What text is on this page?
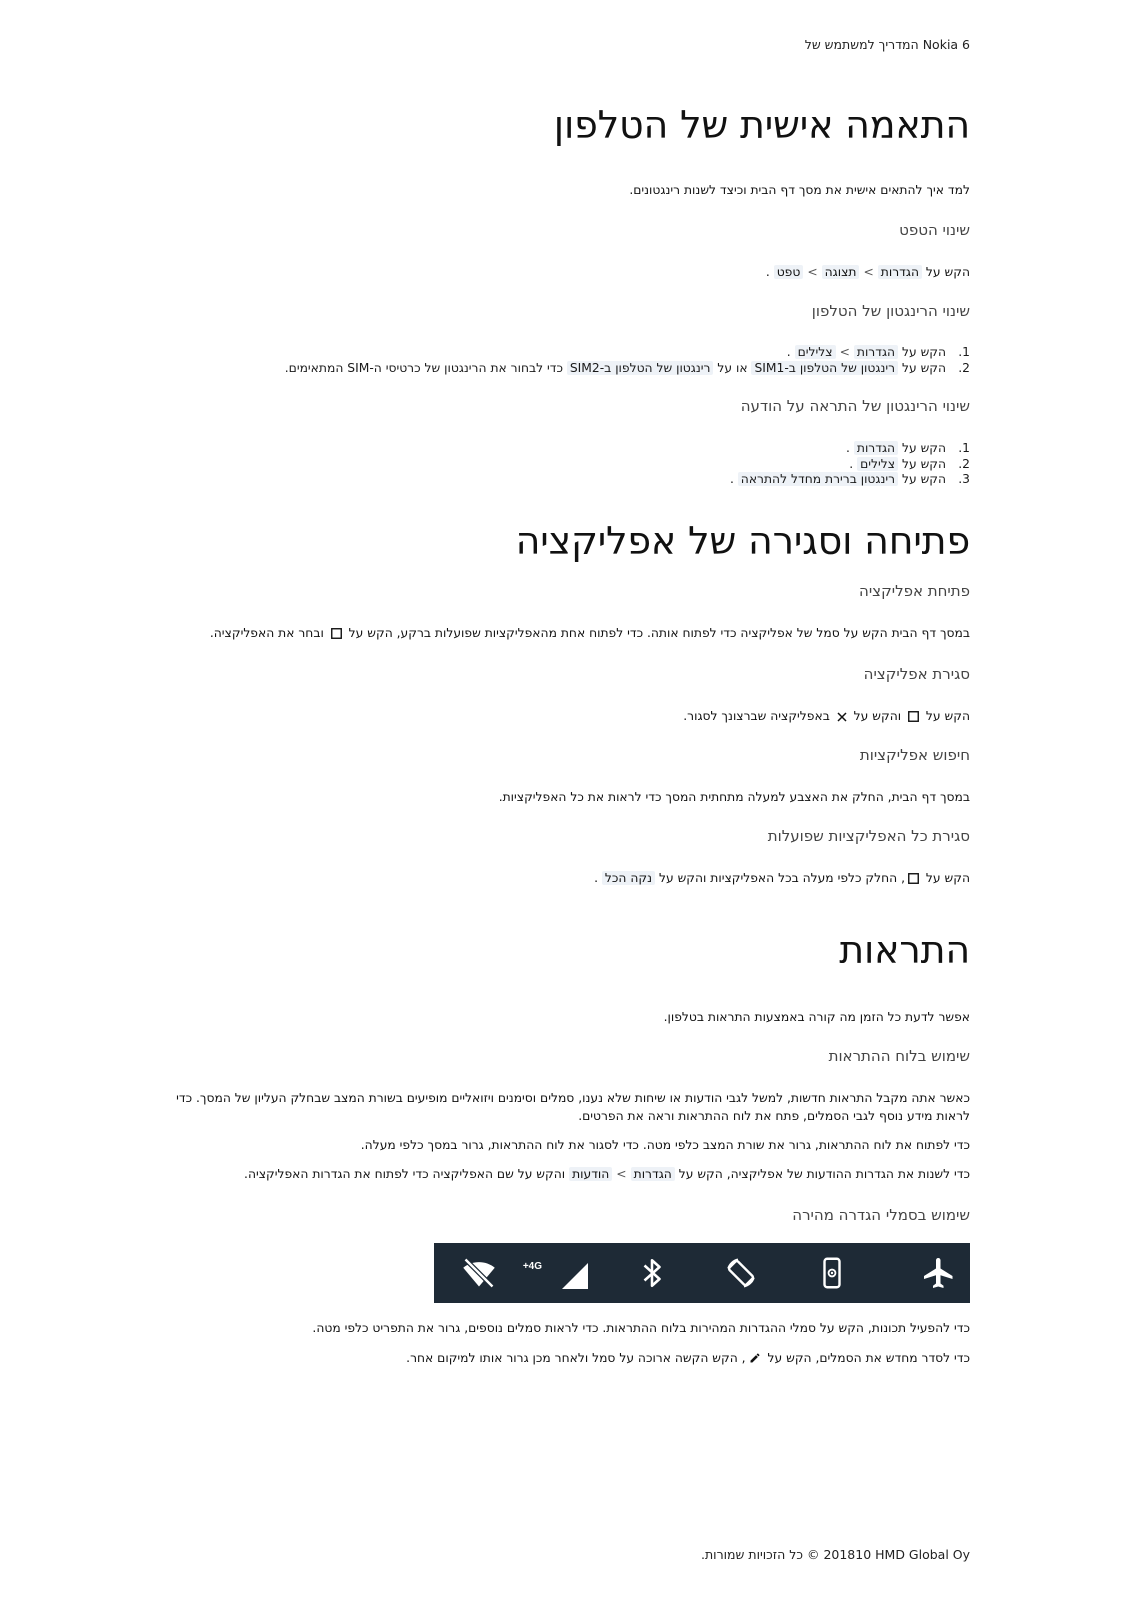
Nokia 6 המדריך למשתמש של
התאמה אישית של הטלפון

למד איך להתאים אישית את מסך דף הבית וכיצד לשנות רינגטונים.

שינוי הטפט

הקש על הגדרות>תצוגה>טפט .

שינוי הרינגטון של הטלפון
1. הקש על הגדרות>צלילים .
2. הקש על רינגטון של הטלפון ב-SIM1 או על רינגטון של הטלפון ב-SIM2 כדי לבחור את הרינגטון של כרטיסי ה-SIM המתאימים.
שינוי הרינגטון של התראה על הודעה
1. הקש על הגדרות .
2. הקש על צלילים .
3. הקש על רינגטון ברירת מחדל להתראה .
פתיחה וסגירה של אפליקציה
פתיחת אפליקציה

במסך דף הבית הקש על סמל של אפליקציה כדי לפתוח אותה. כדי לפתוח אחת מהאפליקציות שפועלות ברקע, הקש על  ובחר את האפליקציה.

סגירת אפליקציה

הקש על  והקש על  באפליקציה שברצונך לסגור.

חיפוש אפליקציות

במסך דף הבית, החלק את האצבע למעלה מתחתית המסך כדי לראות את כל האפליקציות.

סגירת כל האפליקציות שפועלות

הקש על , החלק כלפי מעלה בכל האפליקציות והקש על נקה הכל .

התראות

אפשר לדעת כל הזמן מה קורה באמצעות התראות בטלפון.

שימוש בלוח ההתראות

כאשר אתה מקבל התראות חדשות, למשל לגבי הודעות או שיחות שלא נענו, סמלים וסימנים ויזואליים מופיעים בשורת המצב שבחלק העליון של המסך. כדי

לראות מידע נוסף לגבי הסמלים, פתח את לוח ההתראות וראה את הפרטים.

כדי לפתוח את לוח ההתראות, גרור את שורת המצב כלפי מטה. כדי לסגור את לוח ההתראות, גרור במסך כלפי מעלה.

כדי לשנות את הגדרות ההודעות של אפליקציה, הקש על הגדרות>הודעות והקש על שם האפליקציה כדי לפתוח את הגדרות האפליקציה.

שימוש בסמלי הגדרה מהירה
4G+

כדי להפעיל תכונות, הקש על סמלי ההגדרות המהירות בלוח ההתראות. כדי לראות סמלים נוספים, גרור את התפריט כלפי מטה.

כדי לסדר מחדש את הסמלים, הקש על , הקש הקשה ארוכה על סמל ולאחר מכן גרור אותו למיקום אחר.

© 201810 HMD Global Oy כל הזכויות שמורות.
